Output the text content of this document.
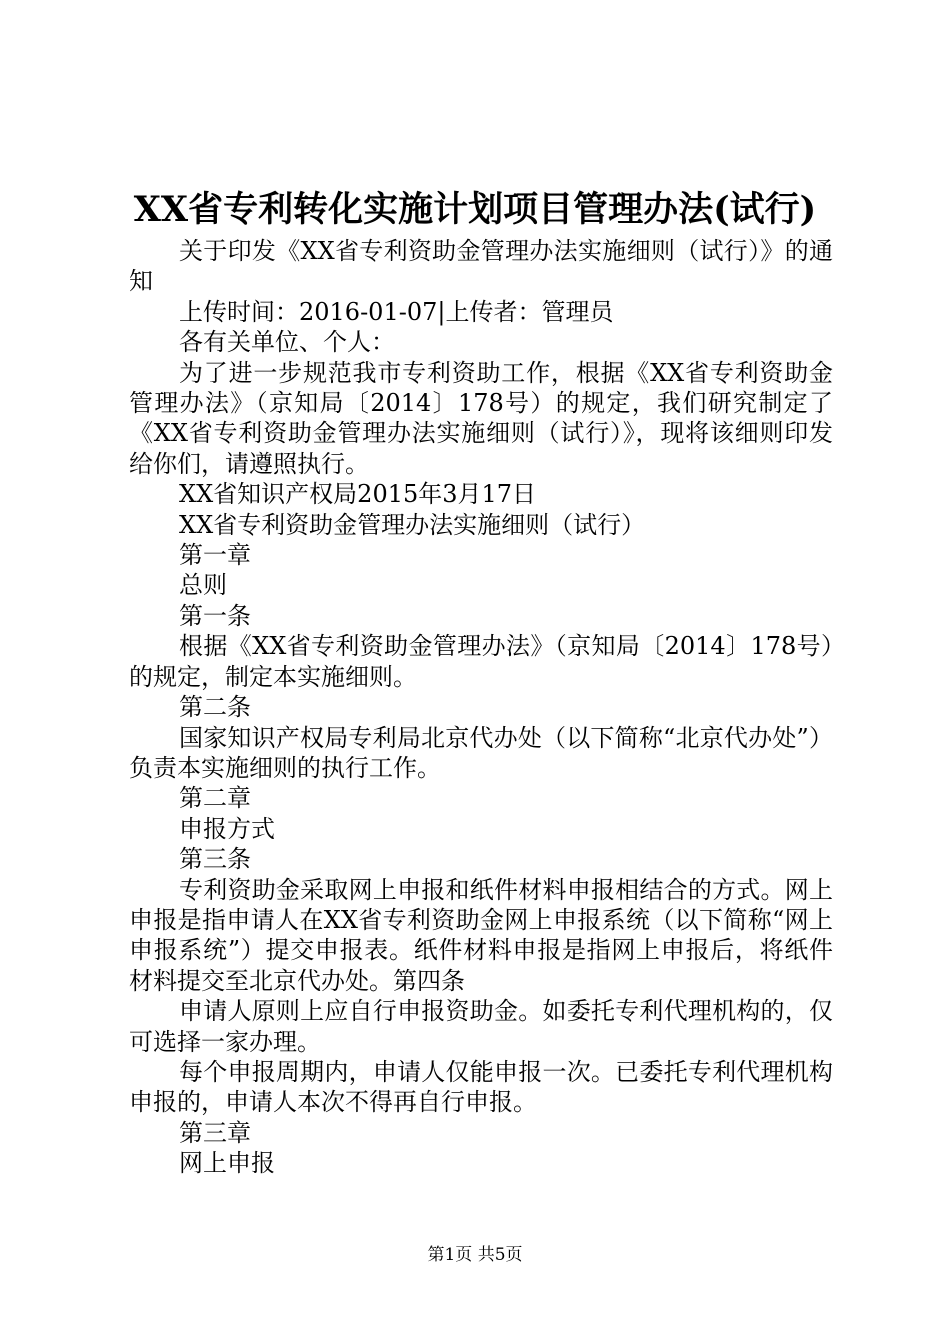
XX省专利转化实施计划项目管理办法(试行)

关于印发《XX省专利资助金管理办法实施细则（试行）》的通知

上传时间：2016-01-07|上传者：管理员

各有关单位、个人：

为了进一步规范我市专利资助工作，根据《XX省专利资助金管理办法》（京知局〔2014〕178号）的规定，我们研究制定了《XX省专利资助金管理办法实施细则（试行）》，现将该细则印发给你们，请遵照执行。

XX省知识产权局2015年3月17日

XX省专利资助金管理办法实施细则（试行）

第一章

总则

第一条

根据《XX省专利资助金管理办法》（京知局〔2014〕178号）的规定，制定本实施细则。

第二条

国家知识产权局专利局北京代办处（以下简称“北京代办处”）负责本实施细则的执行工作。

第二章

申报方式

第三条

专利资助金采取网上申报和纸件材料申报相结合的方式。网上申报是指申请人在XX省专利资助金网上申报系统（以下简称“网上申报系统”）提交申报表。纸件材料申报是指网上申报后，将纸件材料提交至北京代办处。第四条

申请人原则上应自行申报资助金。如委托专利代理机构的，仅可选择一家办理。

每个申报周期内，申请人仅能申报一次。已委托专利代理机构申报的，申请人本次不得再自行申报。

第三章

网上申报

第1页 共5页
